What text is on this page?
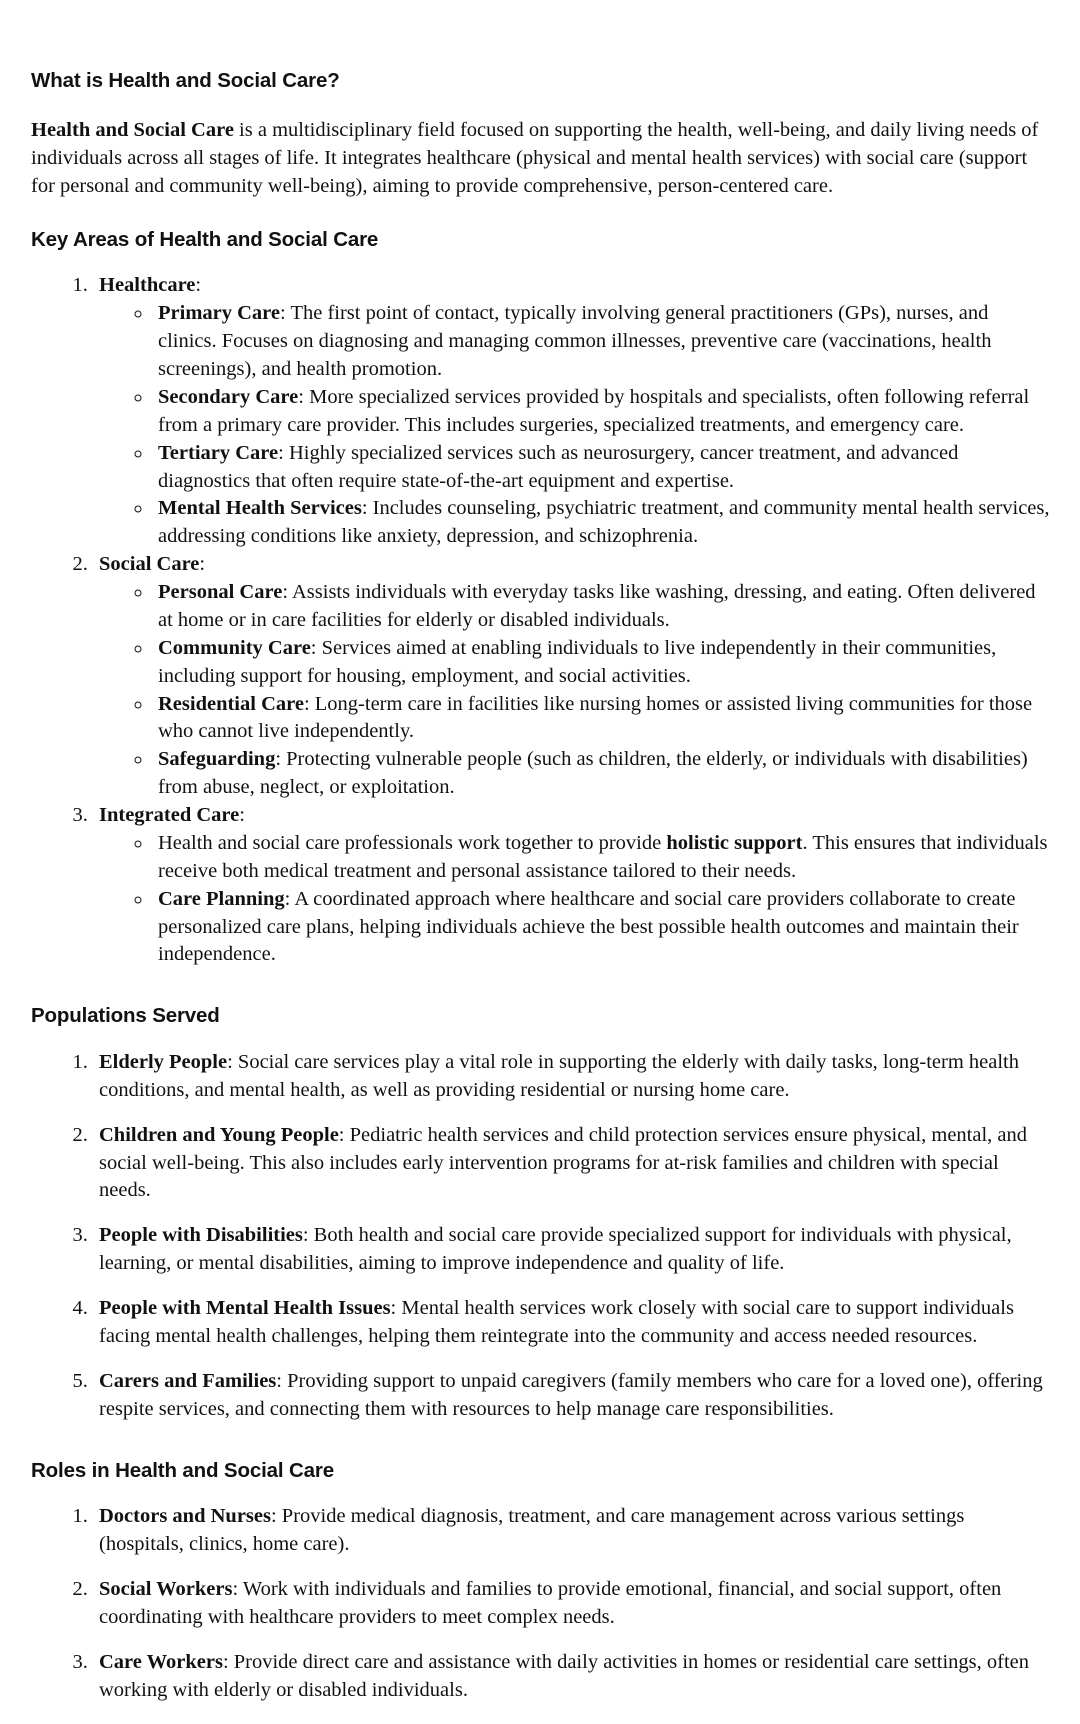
What is Health and Social Care?

Health and Social Care is a multidisciplinary field focused on supporting the health, well-being, and daily living needs of individuals across all stages of life. It integrates healthcare (physical and mental health services) with social care (support for personal and community well-being), aiming to provide comprehensive, person-centered care.

Key Areas of Health and Social Care
1. Healthcare:
◦ Primary Care: The first point of contact, typically involving general practitioners (GPs), nurses, and clinics. Focuses on diagnosing and managing common illnesses, preventive care (vaccinations, health screenings), and health promotion.
◦ Secondary Care: More specialized services provided by hospitals and specialists, often following referral from a primary care provider. This includes surgeries, specialized treatments, and emergency care.
◦ Tertiary Care: Highly specialized services such as neurosurgery, cancer treatment, and advanced diagnostics that often require state-of-the-art equipment and expertise.
◦ Mental Health Services: Includes counseling, psychiatric treatment, and community mental health services, addressing conditions like anxiety, depression, and schizophrenia.
2. Social Care:
◦ Personal Care: Assists individuals with everyday tasks like washing, dressing, and eating. Often delivered at home or in care facilities for elderly or disabled individuals.
◦ Community Care: Services aimed at enabling individuals to live independently in their communities, including support for housing, employment, and social activities.
◦ Residential Care: Long-term care in facilities like nursing homes or assisted living communities for those who cannot live independently.
◦ Safeguarding: Protecting vulnerable people (such as children, the elderly, or individuals with disabilities) from abuse, neglect, or exploitation.
3. Integrated Care:
◦ Health and social care professionals work together to provide holistic support. This ensures that individuals receive both medical treatment and personal assistance tailored to their needs.
◦ Care Planning: A coordinated approach where healthcare and social care providers collaborate to create personalized care plans, helping individuals achieve the best possible health outcomes and maintain their independence.
Populations Served
1. Elderly People: Social care services play a vital role in supporting the elderly with daily tasks, long-term health conditions, and mental health, as well as providing residential or nursing home care.
2. Children and Young People: Pediatric health services and child protection services ensure physical, mental, and social well-being. This also includes early intervention programs for at-risk families and children with special needs.
3. People with Disabilities: Both health and social care provide specialized support for individuals with physical, learning, or mental disabilities, aiming to improve independence and quality of life.
4. People with Mental Health Issues: Mental health services work closely with social care to support individuals facing mental health challenges, helping them reintegrate into the community and access needed resources.
5. Carers and Families: Providing support to unpaid caregivers (family members who care for a loved one), offering respite services, and connecting them with resources to help manage care responsibilities.
Roles in Health and Social Care
1. Doctors and Nurses: Provide medical diagnosis, treatment, and care management across various settings (hospitals, clinics, home care).
2. Social Workers: Work with individuals and families to provide emotional, financial, and social support, often coordinating with healthcare providers to meet complex needs.
3. Care Workers: Provide direct care and assistance with daily activities in homes or residential care settings, often working with elderly or disabled individuals.
